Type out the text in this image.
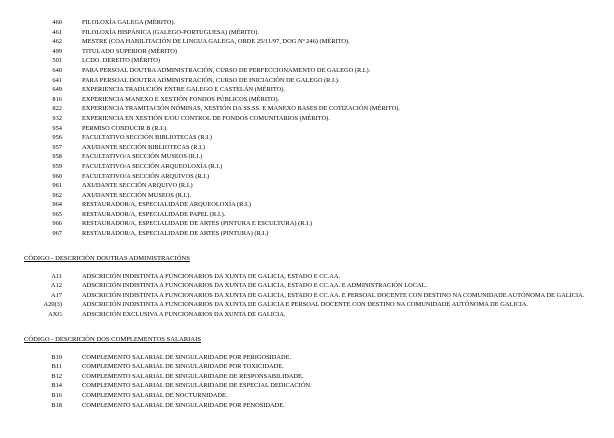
460	FILOLOXÍA GALEGA (MÉRITO).
461	FILOLOXÍA HISPÁNICA (GALEGO-PORTUGUESA) (MÉRITO).
462	MESTRE (COA HABILITACIÓN DE LINGUA GALEGA, ORDE 25/11/97, DOG Nº 246) (MÉRITO).
499	TITULADO SUPERIOR (MÉRITO)
501	LCDO. DEREITO (MÉRITO)
640	PARA PERSOAL DOUTRA ADMINISTRACIÓN, CURSO DE PERFECCIONAMENTO DE GALEGO (R.I.).
641	PARA PERSOAL DOUTRA ADMINISTRACIÓN, CURSO DE INICIACIÓN DE GALEGO (R.I.).
649	EXPERIENCIA TRADUCIÓN ENTRE GALEGO E CASTELÁN (MÉRITO).
816	EXPERIENCIA MANEXO E XESTIÓN FONDOS PÚBLICOS (MÉRITO).
822	EXPERIENCIA TRAMITACIÓN NÓMINAS, XESTIÓN DA SS.SS. E MANEXO BASES DE COTIZACIÓN (MÉRITO).
932	EXPERIENCIA EN XESTIÓN E/OU CONTROL DE FONDOS COMUNITARIOS (MÉRITO).
954	PERMISO CONDUCIR B (R.I.).
956	FACULTATIVO SECCIÓN BIBLIOTECAS (R.I.)
957	AXUDANTE SECCIÓN BIBLIOTECAS (R.I.)
958	FACULTATIVO/A SECCIÓN MUSEOS (R.I.)
959	FACULTATIVO/A SECCIÓN ARQUEOLOXÍA (R.I.)
960	FACULTATIVO/A SECCIÓN ARQUIVOS (R.I.)
961	AXUDANTE SECCIÓN ARQUIVO (R.I.)
962	AXUDANTE SECCIÓN MUSEOS (R.I.).
964	RESTAURADOR/A, ESPECIALIDADE ARQUEOLOXÍA (R.I.)
965	RESTAURADOR/A, ESPECIALIDADE PAPEL (R.I.).
966	RESTAURADOR/A, ESPECIALIDADE DE ARTES (PINTURA E ESCULTURA) (R.I.)
967	RESTAURADOR/A, ESPECIALIDADE DE ARTES (PINTURA) (R.I.)
CÓDIGO - DESCRICIÓN DOUTRAS ADMINISTRACIÓNS
A11	ADSCRICIÓN INDISTINTA A FUNCIONARIOS DA XUNTA DE GALICIA, ESTADO E CC.AA.
A12	ADSCRICIÓN INDISTINTA A FUNCIONARIOS DA XUNTA DE GALICIA, ESTADO E CC.AA. E ADMINISTRACIÓN LOCAL.
A17	ADSCRICIÓN INDISTINTA A FUNCIONARIOS DA XUNTA DE GALICIA, ESTADO E CC.AA. E PERSOAL DOCENTE CON DESTINO NA COMUNIDADE AUTÓNOMA DE GALICIA.
A20(3)	ADSCRICIÓN INDISTINTA A FUNCIONARIOS DA XUNTA DE GALICIA E PERSOAL DOCENTE CON DESTINO NA COMUNIDADE AUTÓNOMA DE GALICIA.
AXG	ADSCRICIÓN EXCLUSIVA A FUNCIONARIOS DA XUNTA DE GALICIA.
CÓDIGO - DESCRICIÓN DOS COMPLEMENTOS SALARIAIS
B10	COMPLEMENTO SALARIAL DE SINGULARIDADE POR PERIGOSIDADE.
B11	COMPLEMENTO SALARIAL DE SINGULARIDADE POR TOXICIDADE.
B12	COMPLEMENTO SALARIAL DE SINGULARIDADE DE RESPONSABILIDADE.
B14	COMPLEMENTO SALARIAL DE SINGULARIDADE DE ESPECIAL DEDICACIÓN.
B16	COMPLEMENTO SALARIAL DE NOCTURNIDADE.
B18	COMPLEMENTO SALARIAL DE SINGULARIDADE POR PENOSIDADE.
